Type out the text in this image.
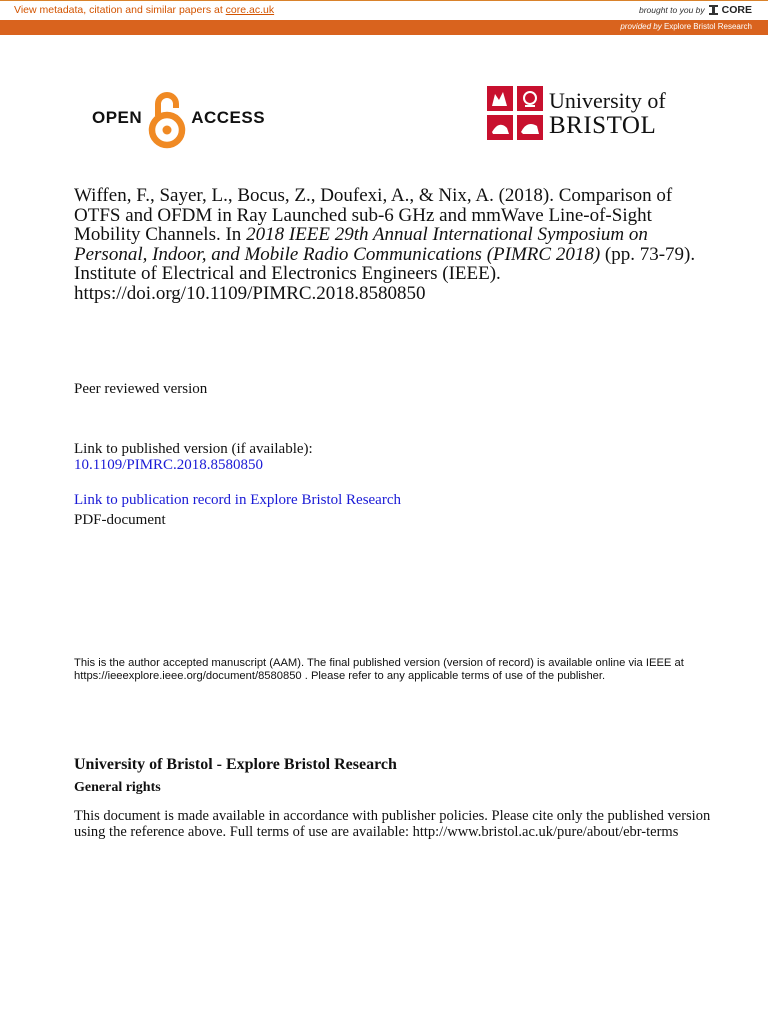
View metadata, citation and similar papers at core.ac.uk	brought to you by CORE
provided by Explore Bristol Research
OPEN	ACCESS
University of
BRISTOL
Wiffen, F., Sayer, L., Bocus, Z., Doufexi, A., & Nix, A. (2018). Comparison of OTFS and OFDM in Ray Launched sub-6 GHz and mmWave Line-of-Sight Mobility Channels. In 2018 IEEE 29th Annual International Symposium on Personal, Indoor, and Mobile Radio Communications (PIMRC 2018) (pp. 73-79). Institute of Electrical and Electronics Engineers (IEEE). https://doi.org/10.1109/PIMRC.2018.8580850
Peer reviewed version
Link to published version (if available):
10.1109/PIMRC.2018.8580850
Link to publication record in Explore Bristol Research
PDF-document
This is the author accepted manuscript (AAM). The final published version (version of record) is available online via IEEE at https://ieeexplore.ieee.org/document/8580850 . Please refer to any applicable terms of use of the publisher.
University of Bristol - Explore Bristol Research
General rights
This document is made available in accordance with publisher policies. Please cite only the published version using the reference above. Full terms of use are available: http://www.bristol.ac.uk/pure/about/ebr-terms
